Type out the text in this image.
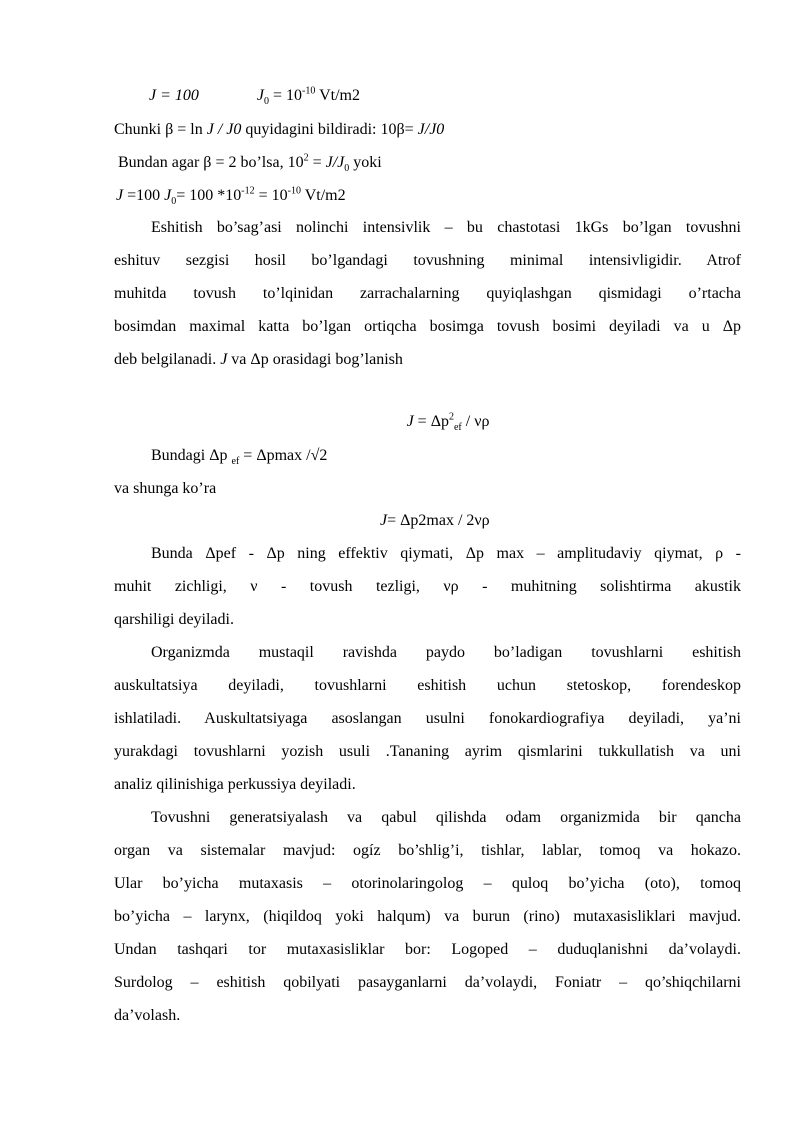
J = 100	$J_0 = 10^{-10}$ Vt/m2
Chunki β = ln J / J0 quyidagini bildiradi: 10β= J/J0
Bundan agar β = 2 bo’lsa, $10^2 = J/J_0$ yoki
J =100 $J_0= 100$ $*10^{-12} = 10^{-10}$ Vt/m2
Eshitish bo’sag’asi nolinchi intensivlik – bu chastotasi 1kGs bo’lgan tovushni
eshituv sezgisi hosil bo’lgandagi tovushning minimal intensivligidir. Atrof
muhitda tovush to’lqinidan zarrachalarning quyiqlashgan qismidagi o’rtacha
bosimdan maximal katta bo’lgan ortiqcha bosimga tovush bosimi deyiladi va u Δp
deb belgilanadi. J va Δp orasidagi bog’lanish
$J = \Delta p^2_{ef} / \nu\rho$
Bundagi Δp $_{ef}$ = Δpmax /√2
va shunga ko’ra
J= Δp2max / 2νρ
Bunda Δpef - Δp ning effektiv qiymati, Δp max – amplitudaviy qiymat, ρ -
muhit zichligi, ν - tovush tezligi, νρ - muhitning solishtirma akustik
qarshiligi deyiladi.
Organizmda mustaqil ravishda paydo bo’ladigan tovushlarni eshitish
auskultatsiya deyiladi, tovushlarni eshitish uchun stetoskop, forendeskop
ishlatiladi. Auskultatsiyaga asoslangan usulni fonokardiografiya deyiladi, ya’ni
yurakdagi tovushlarni yozish usuli .Tananing ayrim qismlarini tukkullatish va uni
analiz qilinishiga perkussiya deyiladi.
Tovushni generatsiyalash va qabul qilishda odam organizmida bir qancha
organ va sistemalar mavjud: ogíz bo’shlig’i, tishlar, lablar, tomoq va hokazo.
Ular bo’yicha mutaxasis – otorinolaringolog – quloq bo’yicha (oto), tomoq
bo’yicha – larynx, (hiqildoq yoki halqum) va burun (rino) mutaxasisliklari mavjud.
Undan tashqari tor mutaxasisliklar bor: Logoped – duduqlanishni da’volaydi.
Surdolog – eshitish qobilyati pasayganlarni da’volaydi, Foniatr – qo’shiqchilarni
da’volash.
